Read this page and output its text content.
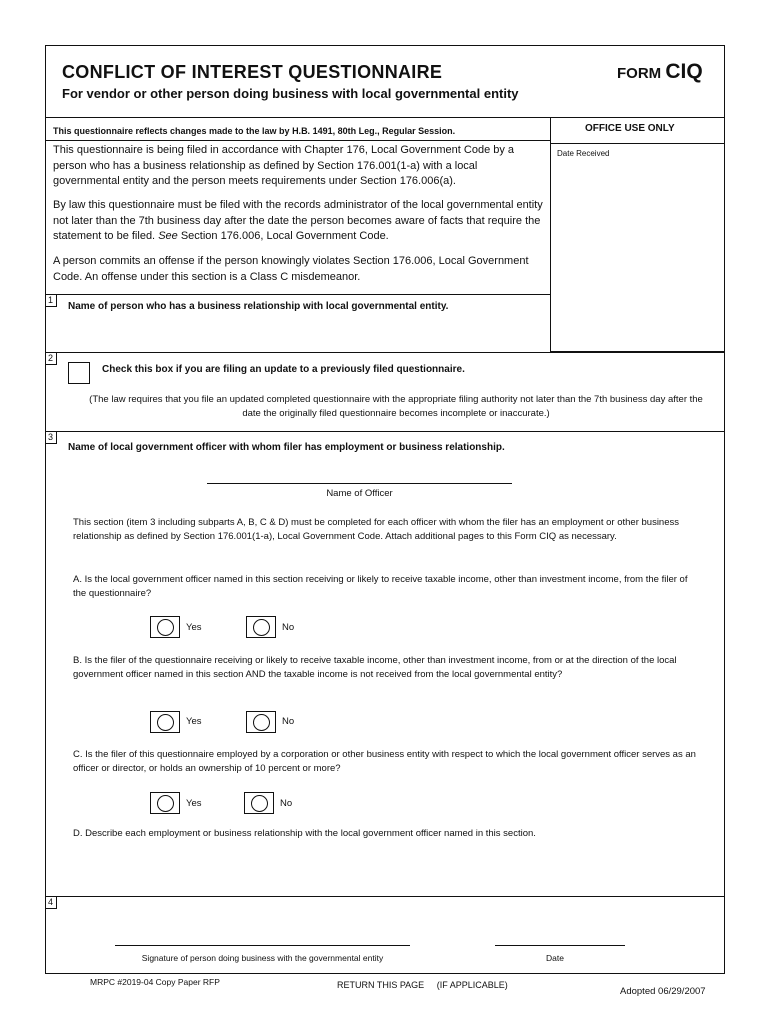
CONFLICT OF INTEREST QUESTIONNAIRE	FORM CIQ
For vendor or other person doing business with local governmental entity
This questionnaire reflects changes made to the law by H.B. 1491, 80th Leg., Regular Session.
This questionnaire is being filed in accordance with Chapter 176, Local Government Code by a person who has a business relationship as defined by Section 176.001(1-a) with a local governmental entity and the person meets requirements under Section 176.006(a).
By law this questionnaire must be filed with the records administrator of the local governmental entity not later than the 7th business day after the date the person becomes aware of facts that require the statement to be filed. See Section 176.006, Local Government Code.
A person commits an offense if the person knowingly violates Section 176.006, Local Government Code. An offense under this section is a Class C misdemeanor.
OFFICE USE ONLY
Date Received
1
Name of person who has a business relationship with local governmental entity.
2
Check this box if you are filing an update to a previously filed questionnaire.
(The law requires that you file an updated completed questionnaire with the appropriate filing authority not later than the 7th business day after the date the originally filed questionnaire becomes incomplete or inaccurate.)
3
Name of local government officer with whom filer has employment or business relationship.
Name of Officer
This section (item 3 including subparts A, B, C & D) must be completed for each officer with whom the filer has an employment or other business relationship as defined by Section 176.001(1-a), Local Government Code. Attach additional pages to this Form CIQ as necessary.
A. Is the local government officer named in this section receiving or likely to receive taxable income, other than investment income, from the filer of the questionnaire?
Yes	No
B. Is the filer of the questionnaire receiving or likely to receive taxable income, other than investment income, from or at the direction of the local government officer named in this section AND the taxable income is not received from the local governmental entity?
Yes	No
C. Is the filer of this questionnaire employed by a corporation or other business entity with respect to which the local government officer serves as an officer or director, or holds an ownership of 10 percent or more?
Yes	No
D. Describe each employment or business relationship with the local government officer named in this section.
4
Signature of person doing business with the governmental entity	Date
MRPC #2019-04 Copy Paper RFP	RETURN THIS PAGE (IF APPLICABLE)
Adopted 06/29/2007
